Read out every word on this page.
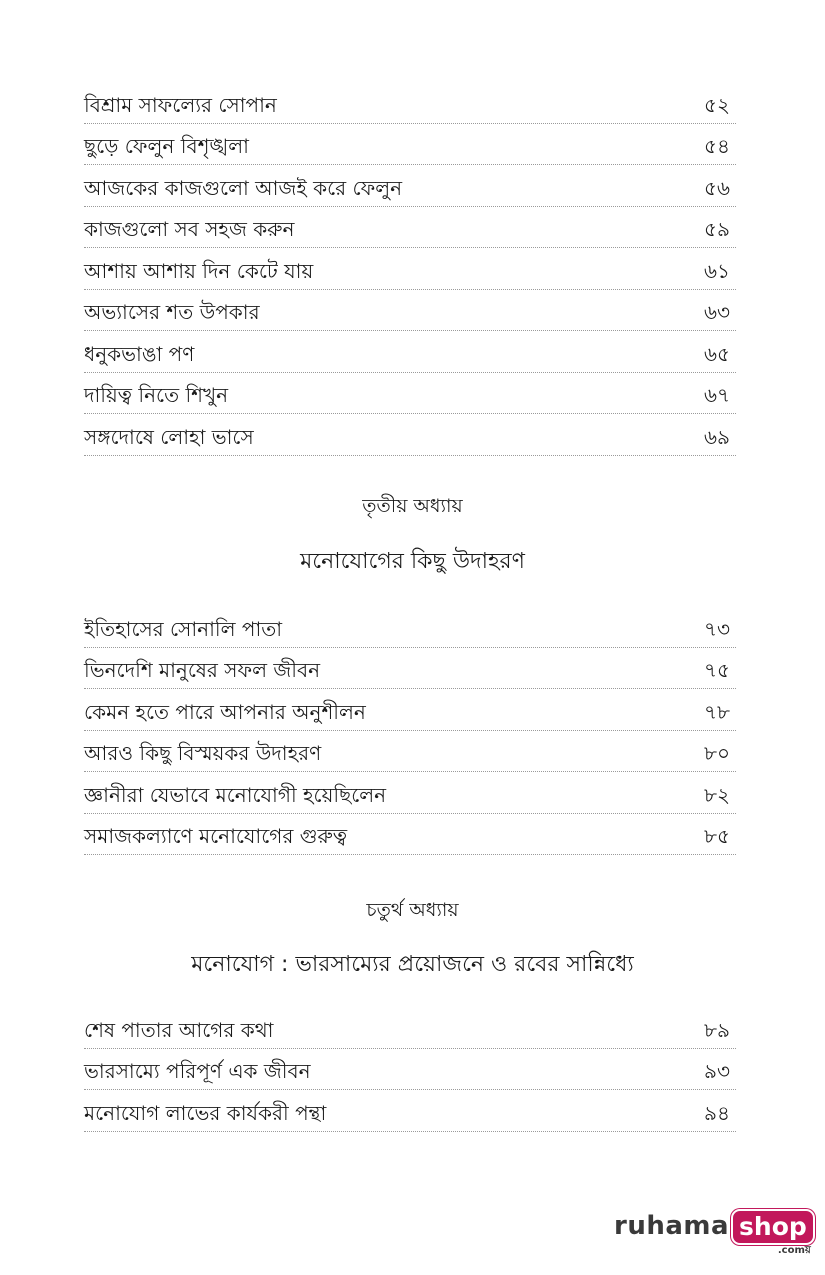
বিশ্রাম সাফল্যের সোপান	৫২
ছুড়ে ফেলুন বিশৃঙ্খলা	৫৪
আজকের কাজগুলো আজই করে ফেলুন	৫৬
কাজগুলো সব সহজ করুন	৫৯
আশায় আশায় দিন কেটে যায়	৬১
অভ্যাসের শত উপকার	৬৩
ধনুকভাঙা পণ	৬৫
দায়িত্ব নিতে শিখুন	৬৭
সঙ্গদোষে লোহা ভাসে	৬৯
তৃতীয় অধ্যায়
মনোযোগের কিছু উদাহরণ
ইতিহাসের সোনালি পাতা	৭৩
ভিনদেশি মানুষের সফল জীবন	৭৫
কেমন হতে পারে আপনার অনুশীলন	৭৮
আরও কিছু বিস্ময়কর উদাহরণ	৮০
জ্ঞানীরা যেভাবে মনোযোগী হয়েছিলেন	৮২
সমাজকল্যাণে মনোযোগের গুরুত্ব	৮৫
চতুর্থ অধ্যায়
মনোযোগ : ভারসাম্যের প্রয়োজনে ও রবের সান্নিধ্যে
শেষ পাতার আগের কথা	৮৯
ভারসাম্যে পরিপূর্ণ এক জীবন	৯৩
মনোযোগ লাভের কার্যকরী পন্থা	৯৪
ruhama shop
.comয়
